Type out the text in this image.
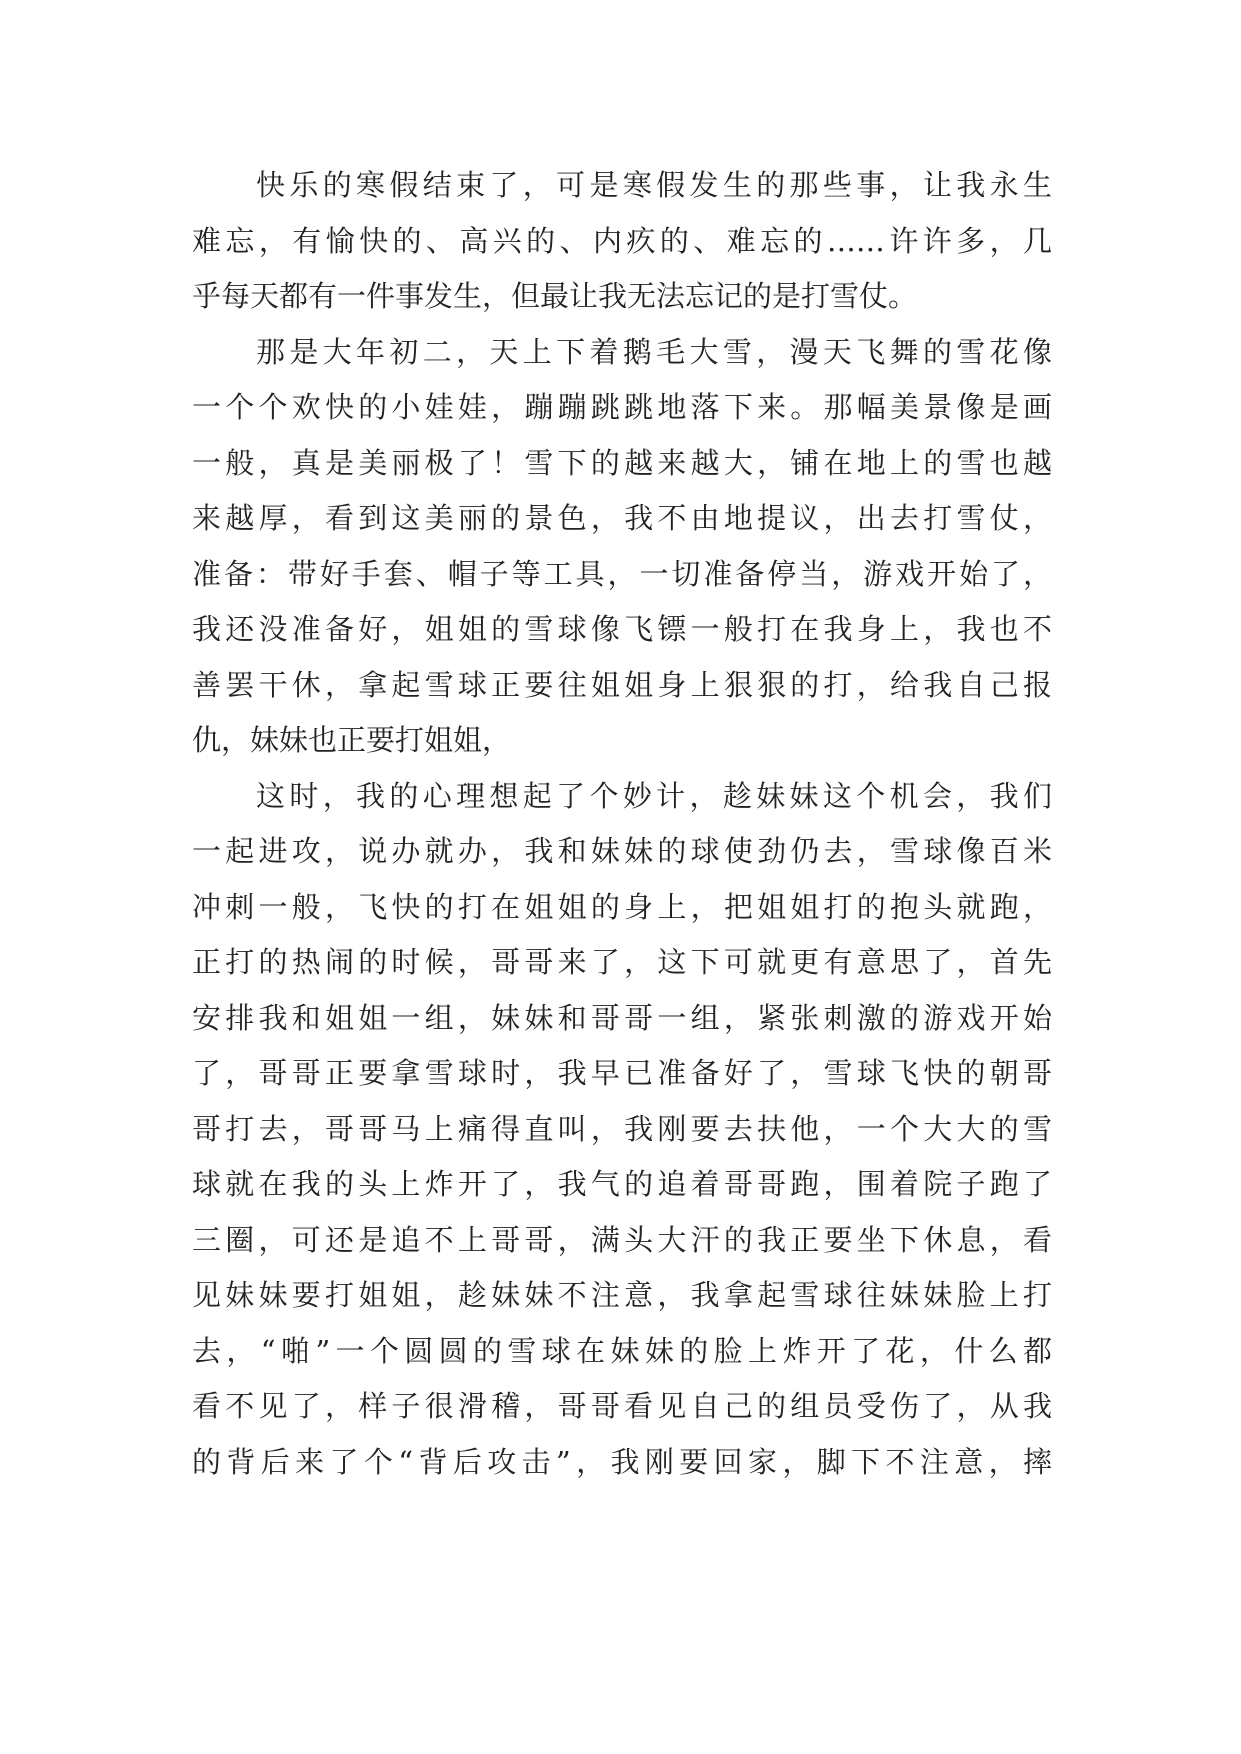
快乐的寒假结束了，可是寒假发生的那些事，让我永生
难忘，有愉快的、高兴的、内疚的、难忘的……许许多，几
乎每天都有一件事发生，但最让我无法忘记的是打雪仗。
那是大年初二，天上下着鹅毛大雪，漫天飞舞的雪花像
一个个欢快的小娃娃，蹦蹦跳跳地落下来。那幅美景像是画
一般，真是美丽极了！雪下的越来越大，铺在地上的雪也越
来越厚，看到这美丽的景色，我不由地提议，出去打雪仗，
准备：带好手套、帽子等工具，一切准备停当，游戏开始了，
我还没准备好，姐姐的雪球像飞镖一般打在我身上，我也不
善罢干休，拿起雪球正要往姐姐身上狠狠的打，给我自己报
仇，妹妹也正要打姐姐，
这时，我的心理想起了个妙计，趁妹妹这个机会，我们
一起进攻，说办就办，我和妹妹的球使劲仍去，雪球像百米
冲刺一般，飞快的打在姐姐的身上，把姐姐打的抱头就跑，
正打的热闹的时候，哥哥来了，这下可就更有意思了，首先
安排我和姐姐一组，妹妹和哥哥一组，紧张刺激的游戏开始
了，哥哥正要拿雪球时，我早已准备好了，雪球飞快的朝哥
哥打去，哥哥马上痛得直叫，我刚要去扶他，一个大大的雪
球就在我的头上炸开了，我气的追着哥哥跑，围着院子跑了
三圈，可还是追不上哥哥，满头大汗的我正要坐下休息，看
见妹妹要打姐姐，趁妹妹不注意，我拿起雪球往妹妹脸上打
去，“啪”一个圆圆的雪球在妹妹的脸上炸开了花，什么都
看不见了，样子很滑稽，哥哥看见自己的组员受伤了，从我
的背后来了个“背后攻击”，我刚要回家，脚下不注意，摔
